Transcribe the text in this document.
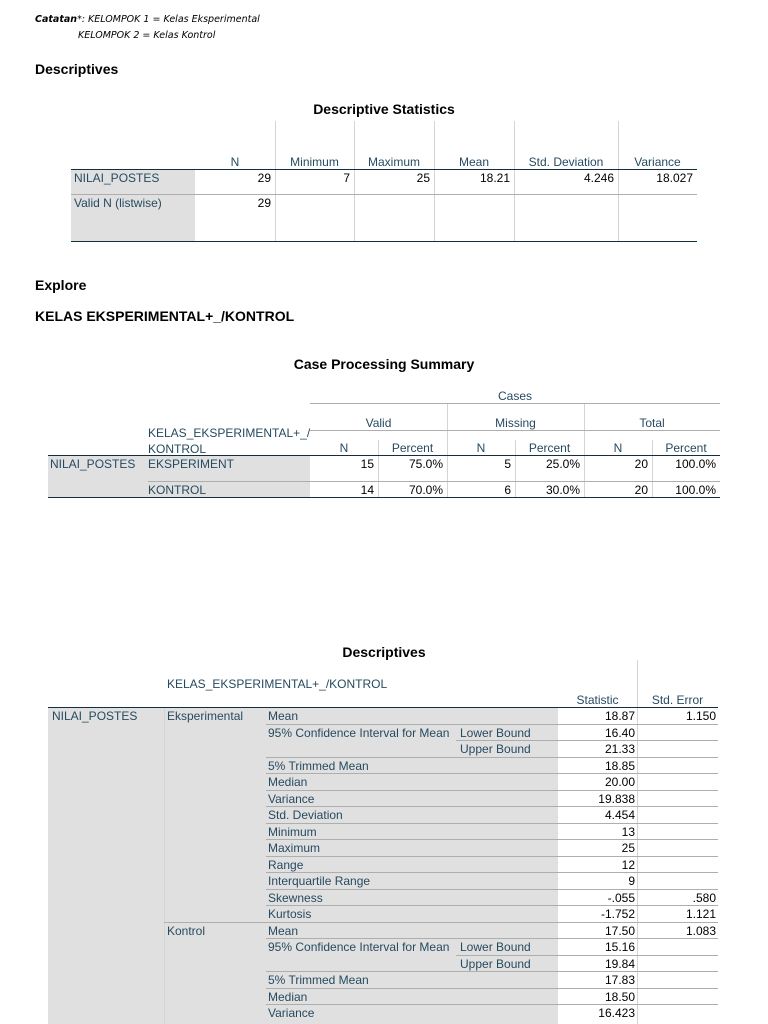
Catatan*: KELOMPOK 1 = Kelas Eksperimental
KELOMPOK 2 = Kelas Kontrol
Descriptives
Descriptive Statistics
N	Minimum	Maximum	Mean	Std. Deviation	Variance
NILAI_POSTES	29	7	25	18.21	4.246	18.027
Valid N (listwise)	29
Explore
KELAS EKSPERIMENTAL+_/KONTROL
Case Processing Summary
Cases
KELAS_EKSPERIMENTAL+_/
KONTROL
Valid	Missing	Total
N	Percent	N	Percent	N	Percent
NILAI_POSTES EKSPERIMENT	15	75.0%	5	25.0%	20	100.0%
KONTROL	14	70.0%	6	30.0%	20	100.0%
Descriptives
KELAS_EKSPERIMENTAL+_/KONTROL
Statistic	Std. Error
NILAI_POSTES Eksperimental Mean	18.87	1.150
95% Confidence Interval for Mean Lower Bound	16.40
Upper Bound	21.33
5% Trimmed Mean	18.85
Median	20.00
Variance	19.838
Std. Deviation	4.454
Minimum	13
Maximum	25
Range	12
Interquartile Range	9
Skewness	-.055	.580
Kurtosis	-1.752	1.121
Kontrol	Mean	17.50	1.083
95% Confidence Interval for Mean Lower Bound	15.16
Upper Bound	19.84
5% Trimmed Mean	17.83
Median	18.50
Variance	16.423
